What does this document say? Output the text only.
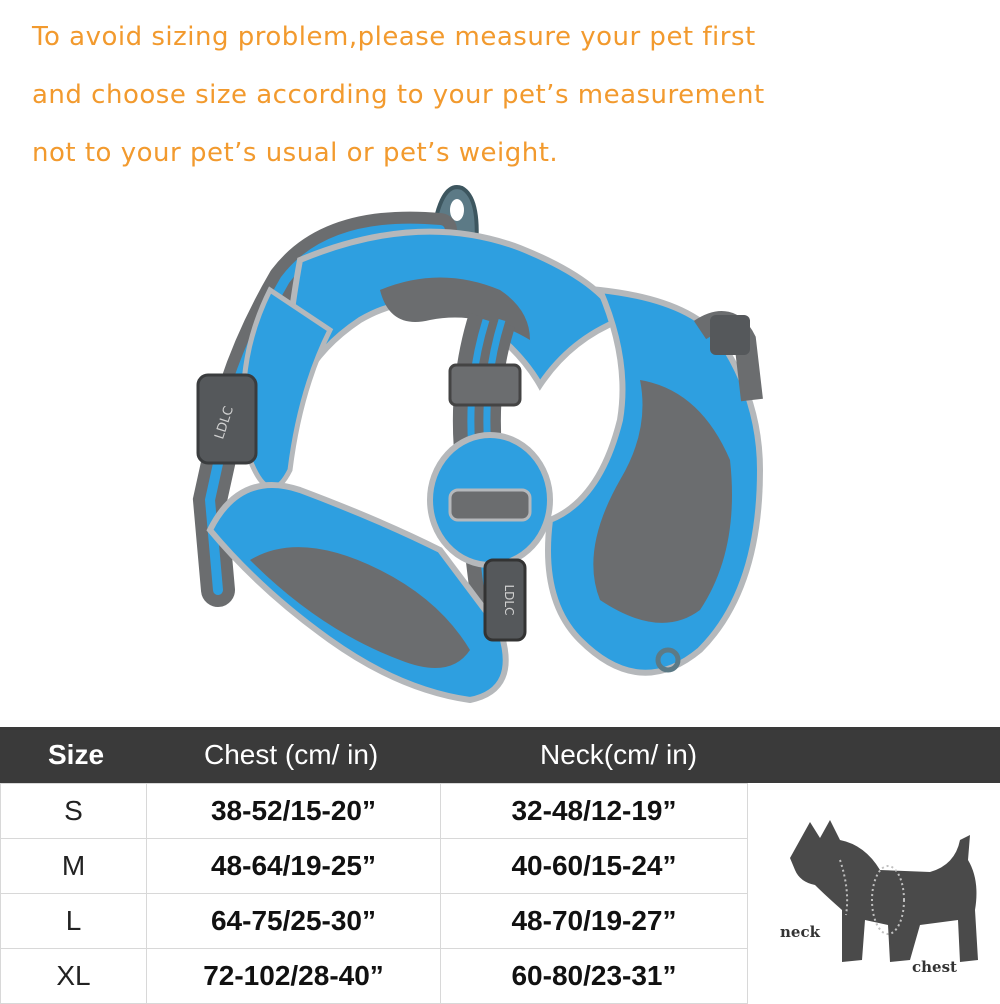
To avoid sizing problem,please measure your pet first
and choose size according to your pet’s measurement
not to your pet’s usual or pet’s weight.
LDLC
LDLC
Size	Chest (cm/ in)	Neck(cm/ in)
S	38-52/15-20”	32-48/12-19”
M	48-64/19-25”	40-60/15-24”
L	64-75/25-30”	48-70/19-27”
XL	72-102/28-40”	60-80/23-31”
neck
chest
